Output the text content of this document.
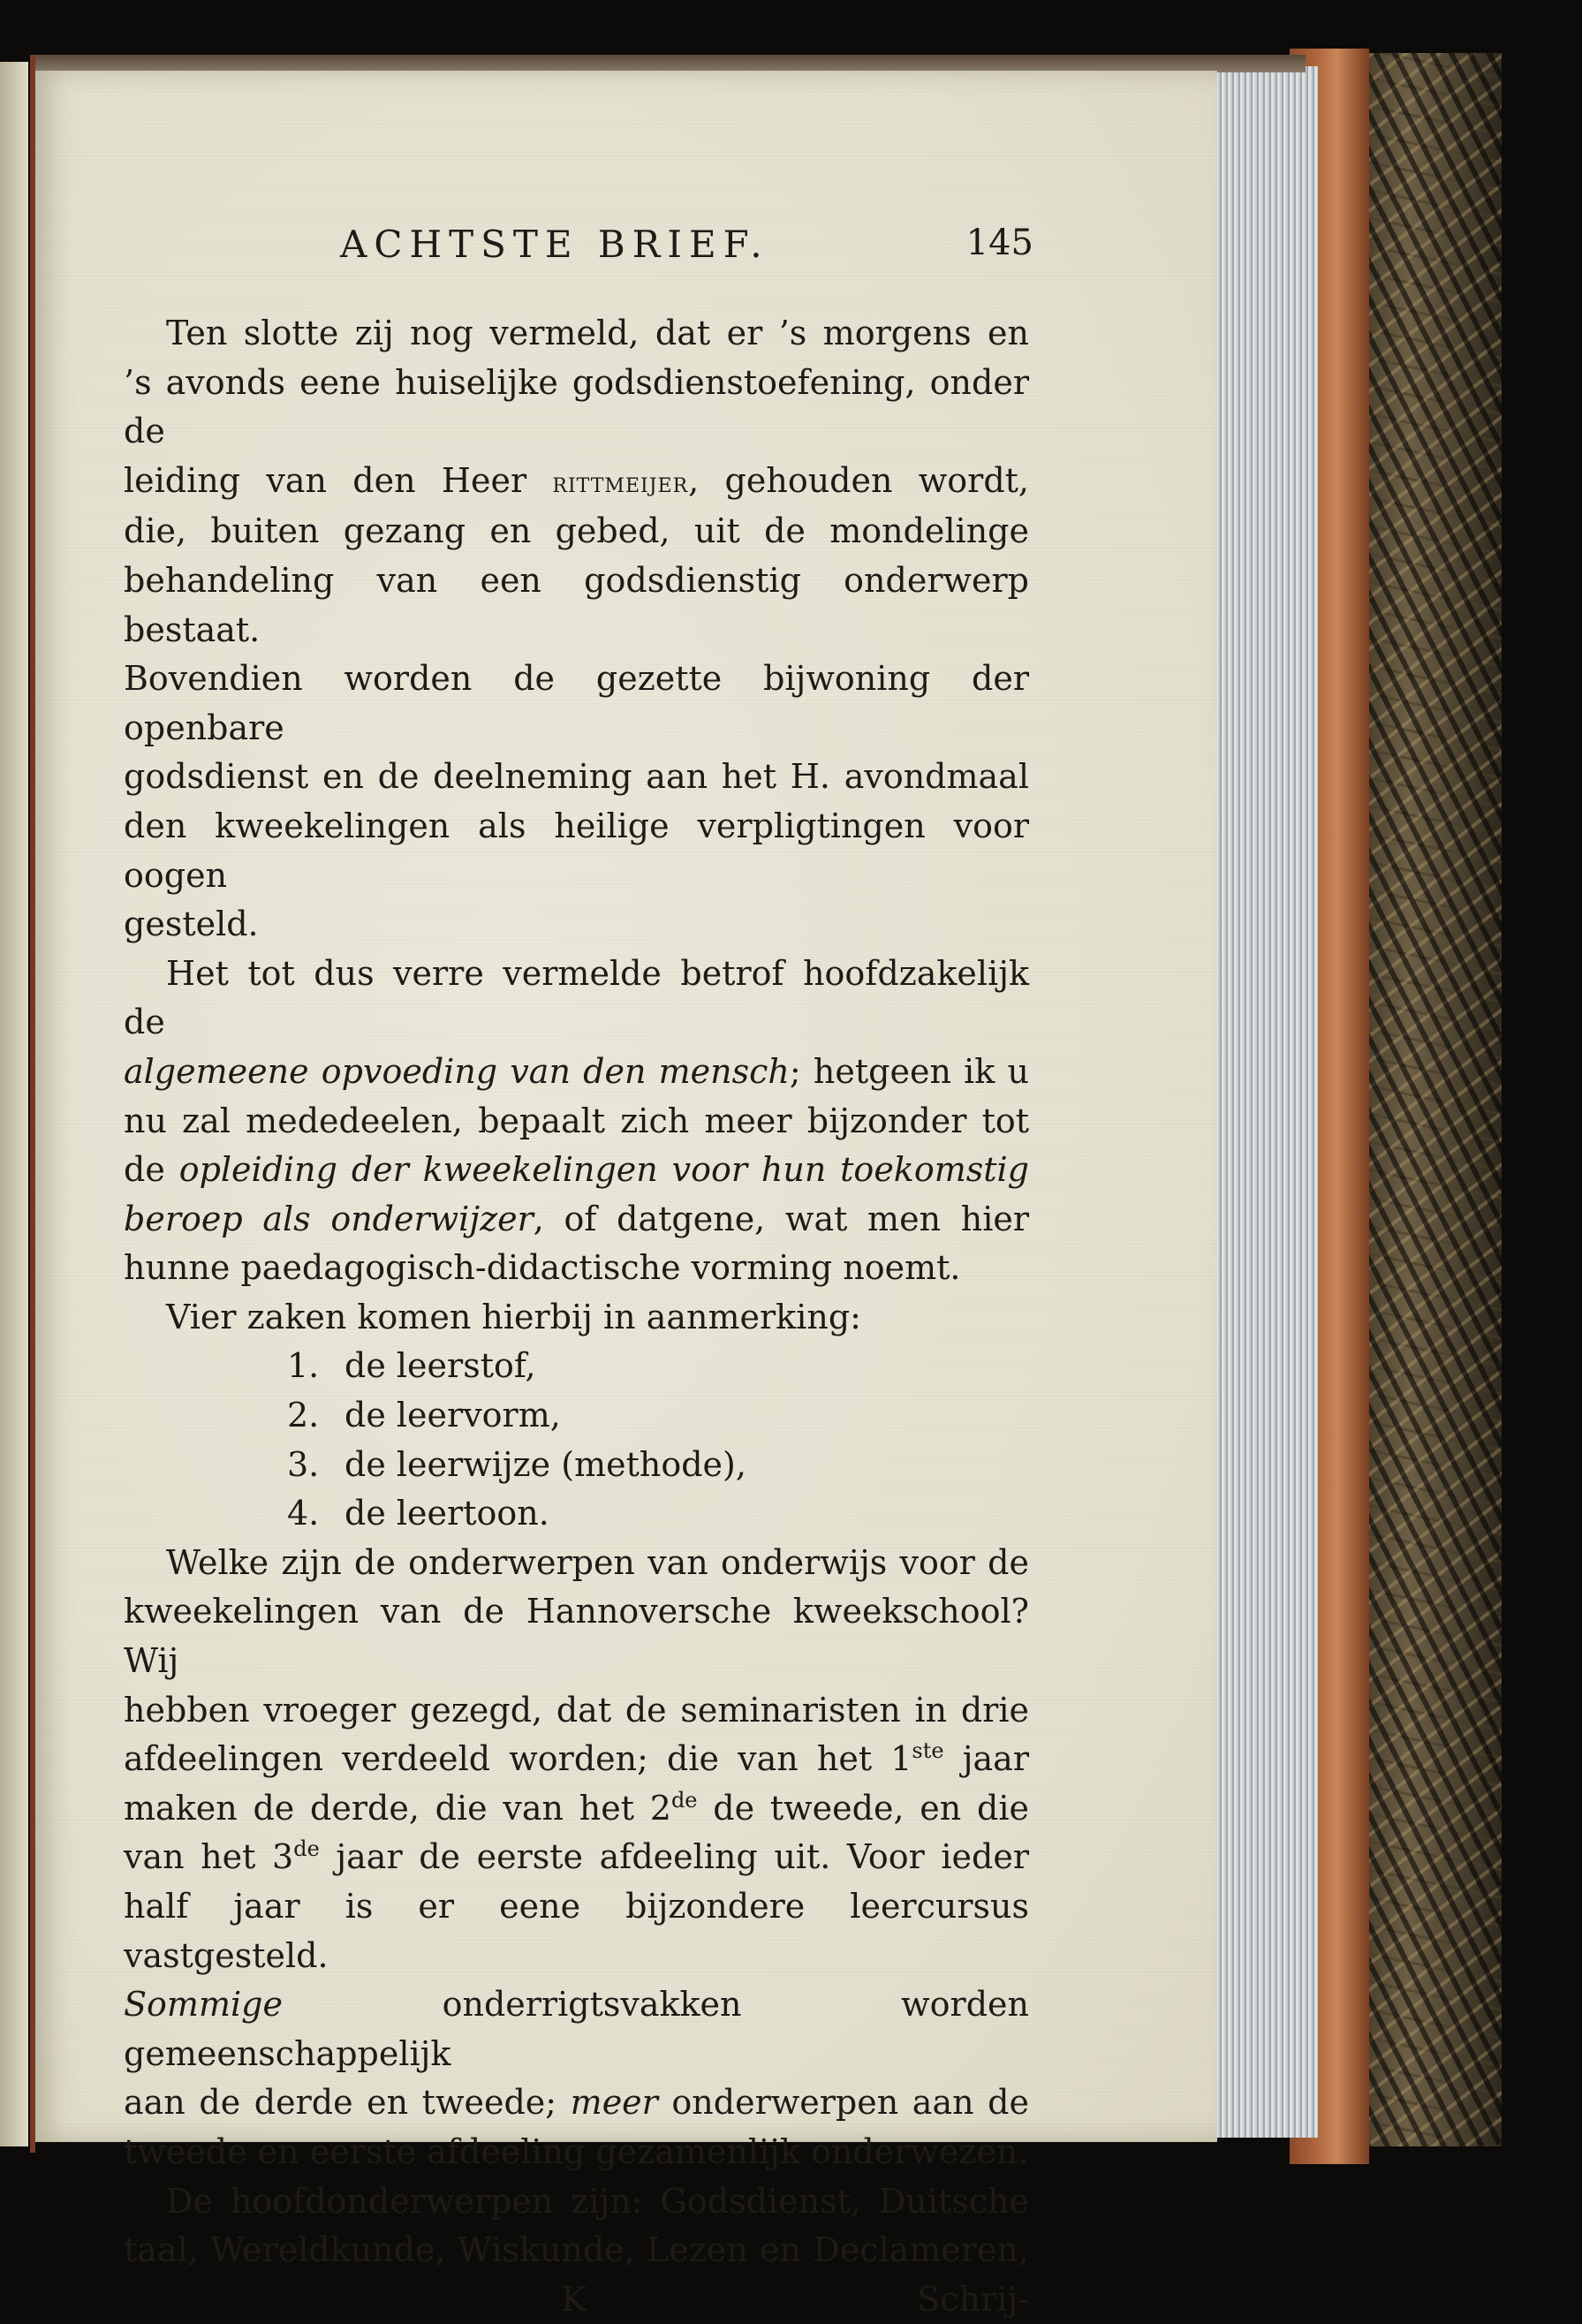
ACHTSTE BRIEF.	145

Ten slotte zij nog vermeld, dat er ’s morgens en

’s avonds eene huiselijke godsdienstoefening, onder de

leiding van den Heer rittmeijer, gehouden wordt,

die, buiten gezang en gebed, uit de mondelinge

behandeling van een godsdienstig onderwerp bestaat.

Bovendien worden de gezette bijwoning der openbare

godsdienst en de deelneming aan het H. avondmaal

den kweekelingen als heilige verpligtingen voor oogen

gesteld.

Het tot dus verre vermelde betrof hoofdzakelijk de

algemeene opvoeding van den mensch; hetgeen ik u

nu zal mededeelen, bepaalt zich meer bijzonder tot

de opleiding der kweekelingen voor hun toekomstig

beroep als onderwijzer, of datgene, wat men hier

hunne paedagogisch-didactische vorming noemt.

Vier zaken komen hierbij in aanmerking:

1. de leerstof,
2. de leervorm,
3. de leerwijze (methode),
4. de leertoon.

Welke zijn de onderwerpen van onderwijs voor de

kweekelingen van de Hannoversche kweekschool? Wij

hebben vroeger gezegd, dat de seminaristen in drie

afdeelingen verdeeld worden; die van het 1ste jaar

maken de derde, die van het 2de de tweede, en die

van het 3de jaar de eerste afdeeling uit. Voor ieder

half jaar is er eene bijzondere leercursus vastgesteld.

Sommige onderrigtsvakken worden gemeenschappelijk

aan de derde en tweede; meer onderwerpen aan de

tweede en eerste afdeeling gezamenlijk onderwezen.

De hoofdonderwerpen zijn: Godsdienst, Duitsche

taal, Wereldkunde, Wiskunde, Lezen en Declameren,

K	Schrij-
